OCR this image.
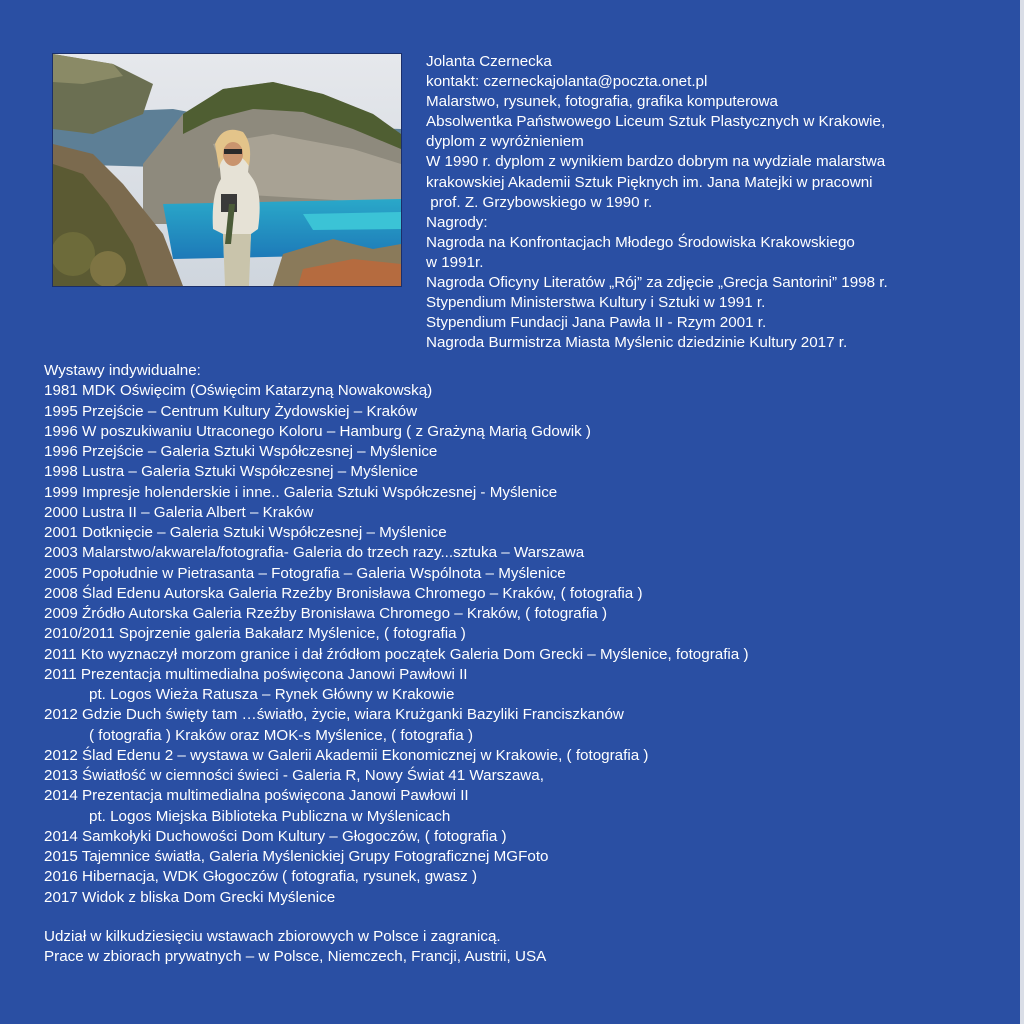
Jolanta Czernecka
kontakt: czerneckajolanta@poczta.onet.pl
Malarstwo, rysunek, fotografia, grafika komputerowa
Absolwentka Państwowego Liceum Sztuk Plastycznych w Krakowie,
dyplom z wyróżnieniem
W 1990 r. dyplom z wynikiem bardzo dobrym na wydziale malarstwa
krakowskiej Akademii Sztuk Pięknych im. Jana Matejki w pracowni
prof. Z. Grzybowskiego w 1990 r.
Nagrody:
Nagroda na Konfrontacjach Młodego Środowiska Krakowskiego
w 1991r.
Nagroda Oficyny Literatów „Rój” za zdjęcie „Grecja Santorini” 1998 r.
Stypendium Ministerstwa Kultury i Sztuki w 1991 r.
Stypendium Fundacji Jana Pawła II - Rzym 2001 r.
Nagroda Burmistrza Miasta Myślenic dziedzinie Kultury 2017 r.
Wystawy indywidualne:
1981 MDK Oświęcim (Oświęcim Katarzyną Nowakowską)
1995 Przejście – Centrum Kultury Żydowskiej – Kraków
1996 W poszukiwaniu Utraconego Koloru – Hamburg ( z Grażyną Marią Gdowik )
1996 Przejście – Galeria Sztuki Współczesnej – Myślenice
1998 Lustra – Galeria Sztuki Współczesnej – Myślenice
1999 Impresje holenderskie i inne.. Galeria Sztuki Współczesnej - Myślenice
2000 Lustra II – Galeria Albert – Kraków
2001 Dotknięcie – Galeria Sztuki Współczesnej – Myślenice
2003 Malarstwo/akwarela/fotografia- Galeria do trzech razy...sztuka – Warszawa
2005 Popołudnie w Pietrasanta – Fotografia – Galeria Wspólnota – Myślenice
2008 Ślad Edenu Autorska Galeria Rzeźby Bronisława Chromego – Kraków, ( fotografia )
2009 Źródło Autorska Galeria Rzeźby Bronisława Chromego – Kraków, ( fotografia )
2010/2011 Spojrzenie galeria Bakałarz Myślenice, ( fotografia )
2011 Kto wyznaczył morzom granice i dał źródłom początek Galeria Dom Grecki – Myślenice, fotografia )
2011 Prezentacja multimedialna poświęcona Janowi Pawłowi II
pt. Logos Wieża Ratusza – Rynek Główny w Krakowie
2012 Gdzie Duch święty tam …światło, życie, wiara Krużganki Bazyliki Franciszkanów
( fotografia ) Kraków oraz MOK-s Myślenice, ( fotografia )
2012 Ślad Edenu 2 – wystawa w Galerii Akademii Ekonomicznej w Krakowie, ( fotografia )
2013 Światłość w ciemności świeci - Galeria R, Nowy Świat 41 Warszawa,
2014 Prezentacja multimedialna poświęcona Janowi Pawłowi II
pt. Logos Miejska Biblioteka Publiczna w Myślenicach
2014 Samkołyki Duchowości Dom Kultury – Głogoczów, ( fotografia )
2015 Tajemnice światła, Galeria Myślenickiej Grupy Fotograficznej MGFoto
2016 Hibernacja, WDK Głogoczów ( fotografia, rysunek, gwasz )
2017 Widok z bliska Dom Grecki Myślenice
Udział w kilkudziesięciu wstawach zbiorowych w Polsce i zagranicą.
Prace w zbiorach prywatnych – w Polsce, Niemczech, Francji, Austrii, USA
